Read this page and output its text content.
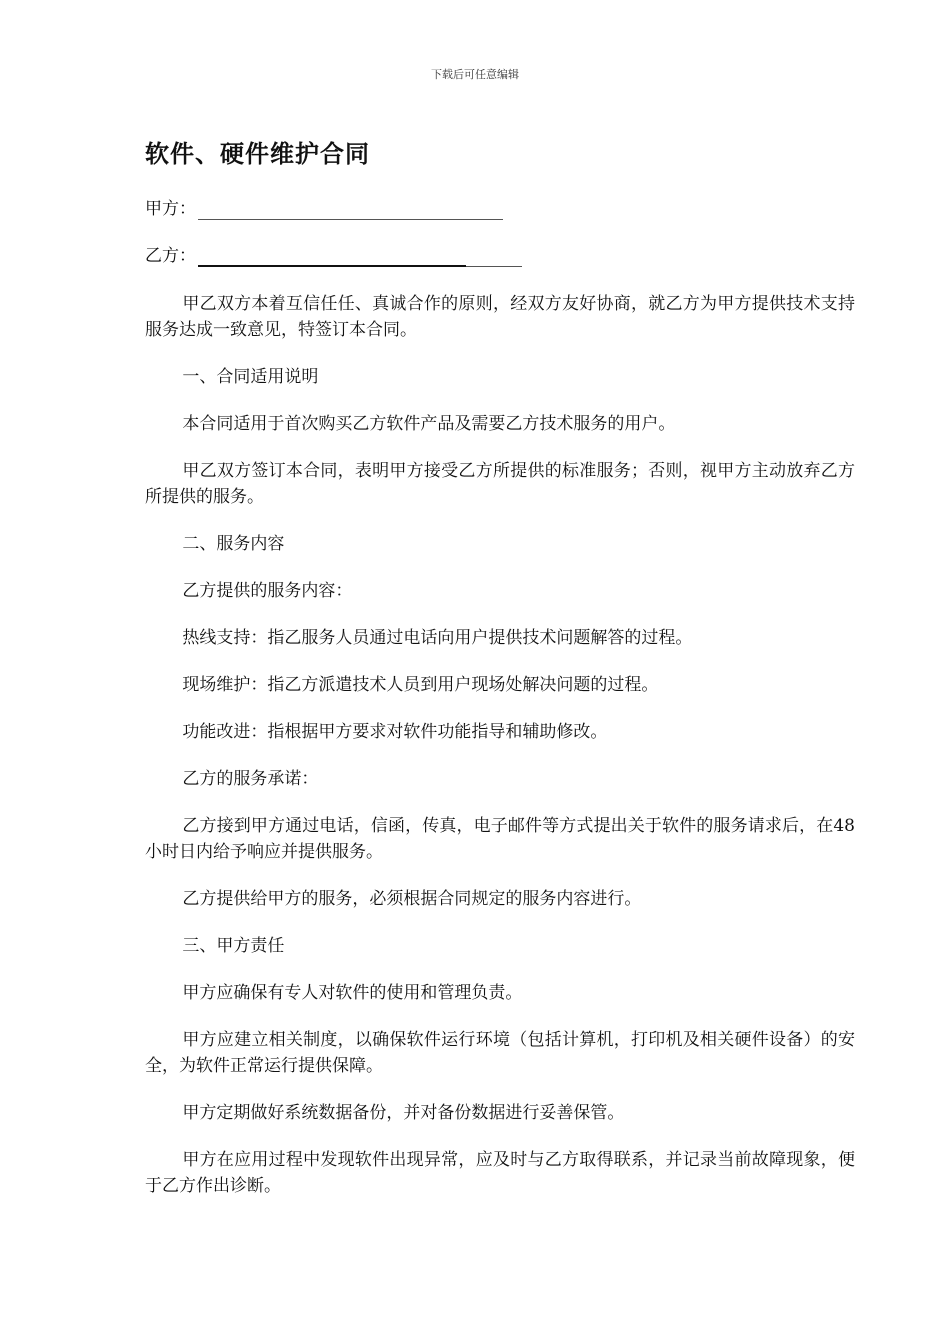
下载后可任意编辑
软件、硬件维护合同
甲方：
乙方：

甲乙双方本着互信任任、真诚合作的原则，经双方友好协商，就乙方为甲方提供技术支持服务达成一致意见，特签订本合同。

一、合同适用说明

本合同适用于首次购买乙方软件产品及需要乙方技术服务的用户。

甲乙双方签订本合同，表明甲方接受乙方所提供的标准服务；否则，视甲方主动放弃乙方所提供的服务。

二、服务内容

乙方提供的服务内容：

热线支持：指乙服务人员通过电话向用户提供技术问题解答的过程。

现场维护：指乙方派遣技术人员到用户现场处解决问题的过程。

功能改进：指根据甲方要求对软件功能指导和辅助修改。

乙方的服务承诺：

乙方接到甲方通过电话，信函，传真，电子邮件等方式提出关于软件的服务请求后，在48小时日内给予响应并提供服务。

乙方提供给甲方的服务，必须根据合同规定的服务内容进行。

三、甲方责任

甲方应确保有专人对软件的使用和管理负责。

甲方应建立相关制度，以确保软件运行环境（包括计算机，打印机及相关硬件设备）的安全，为软件正常运行提供保障。

甲方定期做好系统数据备份，并对备份数据进行妥善保管。

甲方在应用过程中发现软件出现异常，应及时与乙方取得联系，并记录当前故障现象，便于乙方作出诊断。
